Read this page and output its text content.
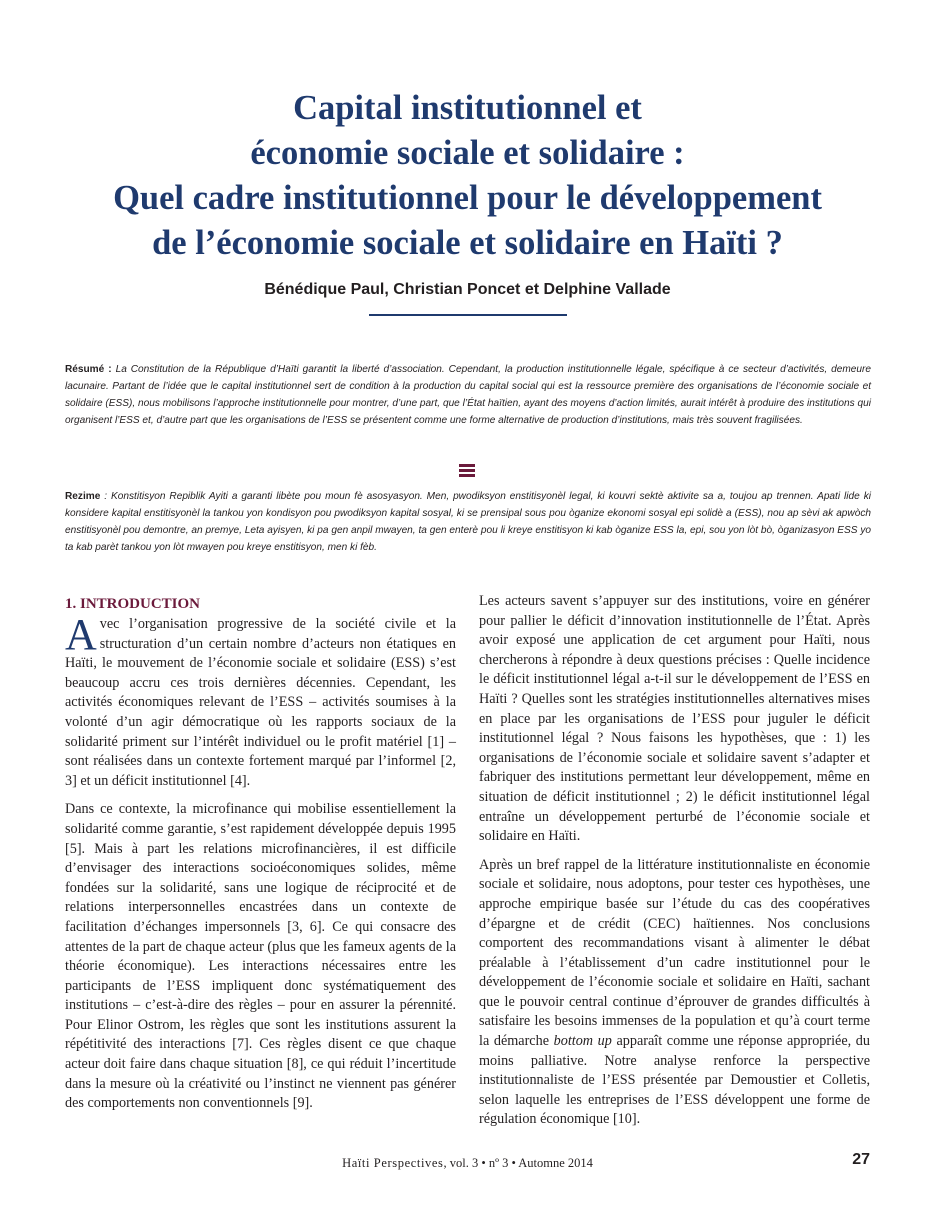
Capital institutionnel et
économie sociale et solidaire :
Quel cadre institutionnel pour le développement
de l’économie sociale et solidaire en Haïti ?
Bénédique Paul, Christian Poncet et Delphine Vallade

Résumé : La Constitution de la République d’Haïti garantit la liberté d’association. Cependant, la production institutionnelle légale, spécifique à ce secteur d’activités, demeure lacunaire. Partant de l’idée que le capital institutionnel sert de condition à la production du capital social qui est la ressource première des organisations de l’économie sociale et solidaire (ESS), nous mobilisons l’approche institutionnelle pour montrer, d’une part, que l’État haïtien, ayant des moyens d’action limités, aurait intérêt à produire des institutions qui organisent l’ESS et, d’autre part que les organisations de l’ESS se présentent comme une forme alternative de production d’institutions, mais très souvent fragilisées.

Rezime : Konstitisyon Repiblik Ayiti a garanti libète pou moun fè asosyasyon. Men, pwodiksyon enstitisyonèl legal, ki kouvri sektè aktivite sa a, toujou ap trennen. Apati lide ki konsidere kapital enstitisyonèl la tankou yon kondisyon pou pwodiksyon kapital sosyal, ki se prensipal sous pou òganize ekonomi sosyal epi solidè a (ESS), nou ap sèvi ak apwòch enstitisyonèl pou demontre, an premye, Leta ayisyen, ki pa gen anpil mwayen, ta gen enterè pou li kreye enstitisyon ki kab òganize ESS la, epi, sou yon lòt bò, òganizasyon ESS yo ta kab parèt tankou yon lòt mwayen pou kreye enstitisyon, men ki fèb.

1. INTRODUCTION

Avec l’organisation progressive de la société civile et la structuration d’un certain nombre d’acteurs non étatiques en Haïti, le mouvement de l’économie sociale et solidaire (ESS) s’est beaucoup accru ces trois dernières décennies. Cependant, les activités économiques relevant de l’ESS – activités soumises à la volonté d’un agir démocratique où les rapports sociaux de la solidarité priment sur l’intérêt individuel ou le profit matériel [1] – sont réalisées dans un contexte fortement marqué par l’informel [2, 3] et un déficit institutionnel [4].

Dans ce contexte, la microfinance qui mobilise essentiellement la solidarité comme garantie, s’est rapidement développée depuis 1995 [5]. Mais à part les relations microfinancières, il est difficile d’envisager des interactions socioéconomiques solides, même fondées sur la solidarité, sans une logique de réciprocité et de relations interpersonnelles encastrées dans un contexte de facilitation d’échanges impersonnels [3, 6]. Ce qui consacre des attentes de la part de chaque acteur (plus que les fameux agents de la théorie économique). Les interactions nécessaires entre les participants de l’ESS impliquent donc systématiquement des institutions – c’est-à-dire des règles – pour en assurer la pérennité. Pour Elinor Ostrom, les règles que sont les institutions assurent la répétitivité des interactions [7]. Ces règles disent ce que chaque acteur doit faire dans chaque situation [8], ce qui réduit l’incertitude dans la mesure où la créativité ou l’instinct ne viennent pas générer des comportements non conventionnels [9].

Les acteurs savent s’appuyer sur des institutions, voire en générer pour pallier le déficit d’innovation institutionnelle de l’État. Après avoir exposé une application de cet argument pour Haïti, nous chercherons à répondre à deux questions précises : Quelle incidence le déficit institutionnel légal a-t-il sur le développement de l’ESS en Haïti ? Quelles sont les stratégies institutionnelles alternatives mises en place par les organisations de l’ESS pour juguler le déficit institutionnel légal ? Nous faisons les hypothèses, que : 1) les organisations de l’économie sociale et solidaire savent s’adapter et fabriquer des institutions permettant leur développement, même en situation de déficit institutionnel ; 2) le déficit institutionnel légal entraîne un développement perturbé de l’économie sociale et solidaire en Haïti.

Après un bref rappel de la littérature institutionnaliste en économie sociale et solidaire, nous adoptons, pour tester ces hypothèses, une approche empirique basée sur l’étude du cas des coopératives d’épargne et de crédit (CEC) haïtiennes. Nos conclusions comportent des recommandations visant à alimenter le débat préalable à l’établissement d’un cadre institutionnel pour le développement de l’économie sociale et solidaire en Haïti, sachant que le pouvoir central continue d’éprouver de grandes difficultés à satisfaire les besoins immenses de la population et qu’à court terme la démarche bottom up apparaît comme une réponse appropriée, du moins palliative. Notre analyse renforce la perspective institutionnaliste de l’ESS présentée par Demoustier et Colletis, selon laquelle les entreprises de l’ESS développent une forme de régulation économique [10].

Haïti Perspectives, vol. 3 • nº 3 • Automne 2014	27
